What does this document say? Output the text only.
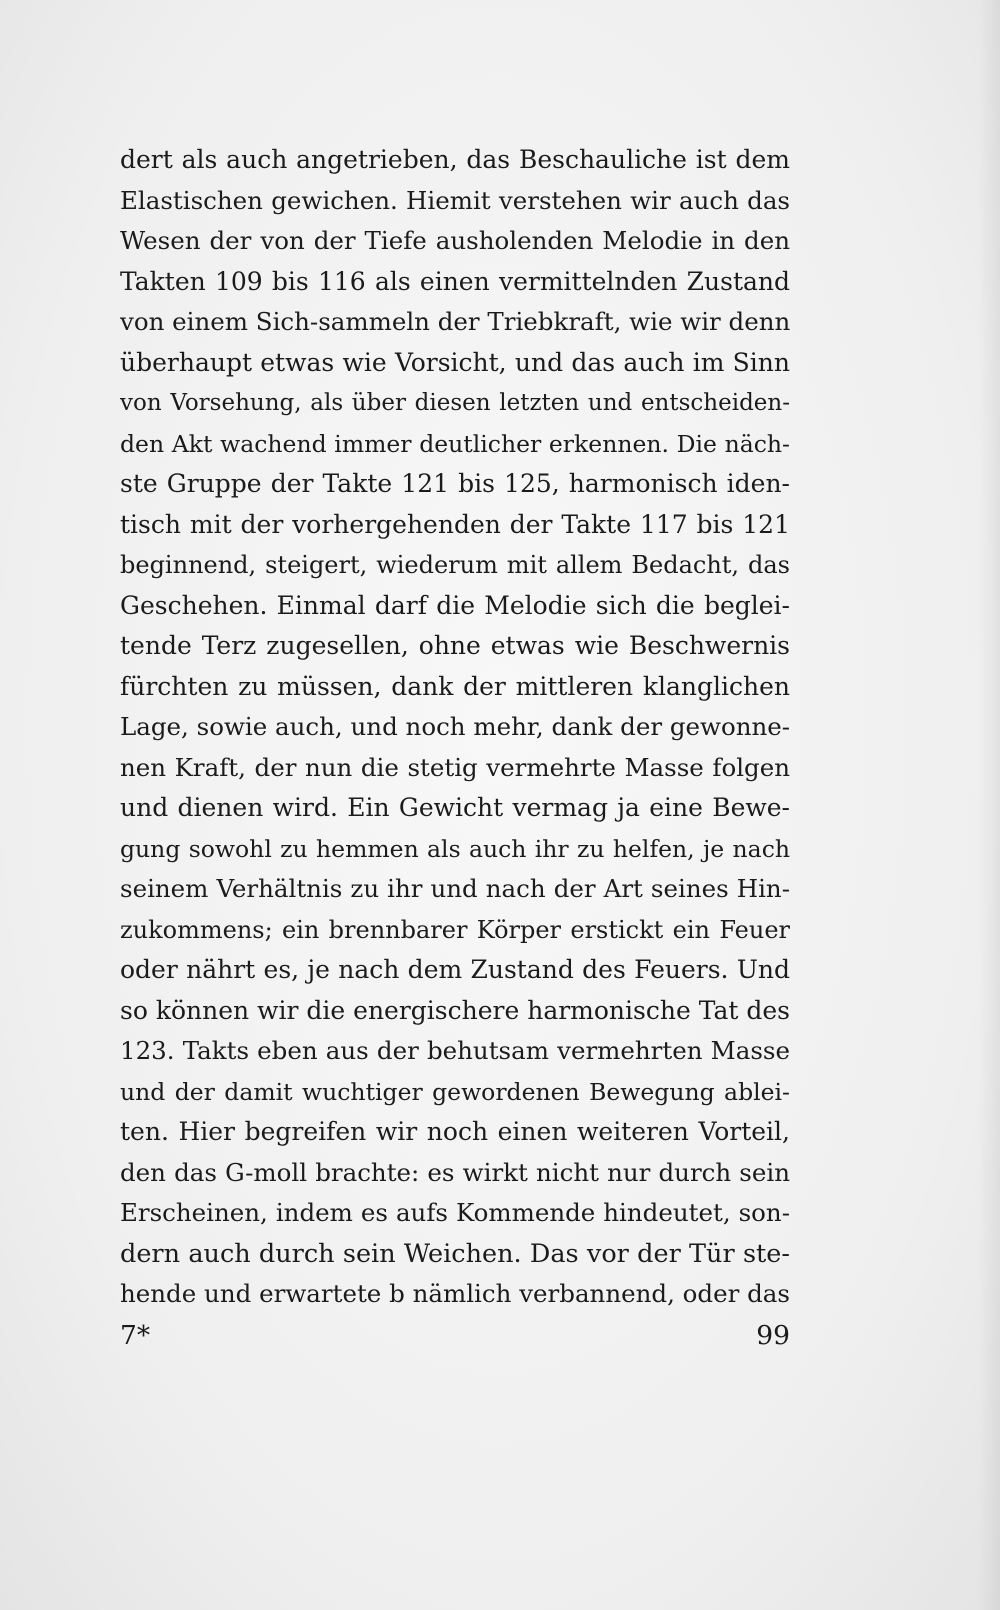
dert als auch angetrieben, das Beschauliche ist dem
Elastischen gewichen. Hiemit verstehen wir auch das
Wesen der von der Tiefe ausholenden Melodie in den
Takten 109 bis 116 als einen vermittelnden Zustand
von einem Sich-sammeln der Triebkraft, wie wir denn
überhaupt etwas wie Vorsicht, und das auch im Sinn
von Vorsehung, als über diesen letzten und entscheiden-
den Akt wachend immer deutlicher erkennen. Die näch-
ste Gruppe der Takte 121 bis 125, harmonisch iden-
tisch mit der vorhergehenden der Takte 117 bis 121
beginnend, steigert, wiederum mit allem Bedacht, das
Geschehen. Einmal darf die Melodie sich die beglei-
tende Terz zugesellen, ohne etwas wie Beschwernis
fürchten zu müssen, dank der mittleren klanglichen
Lage, sowie auch, und noch mehr, dank der gewonne-
nen Kraft, der nun die stetig vermehrte Masse folgen
und dienen wird. Ein Gewicht vermag ja eine Bewe-
gung sowohl zu hemmen als auch ihr zu helfen, je nach
seinem Verhältnis zu ihr und nach der Art seines Hin-
zukommens; ein brennbarer Körper erstickt ein Feuer
oder nährt es, je nach dem Zustand des Feuers. Und
so können wir die energischere harmonische Tat des
123. Takts eben aus der behutsam vermehrten Masse
und der damit wuchtiger gewordenen Bewegung ablei-
ten. Hier begreifen wir noch einen weiteren Vorteil,
den das G-moll brachte: es wirkt nicht nur durch sein
Erscheinen, indem es aufs Kommende hindeutet, son-
dern auch durch sein Weichen. Das vor der Tür ste-
hende und erwartete b nämlich verbannend, oder das
7*	99
